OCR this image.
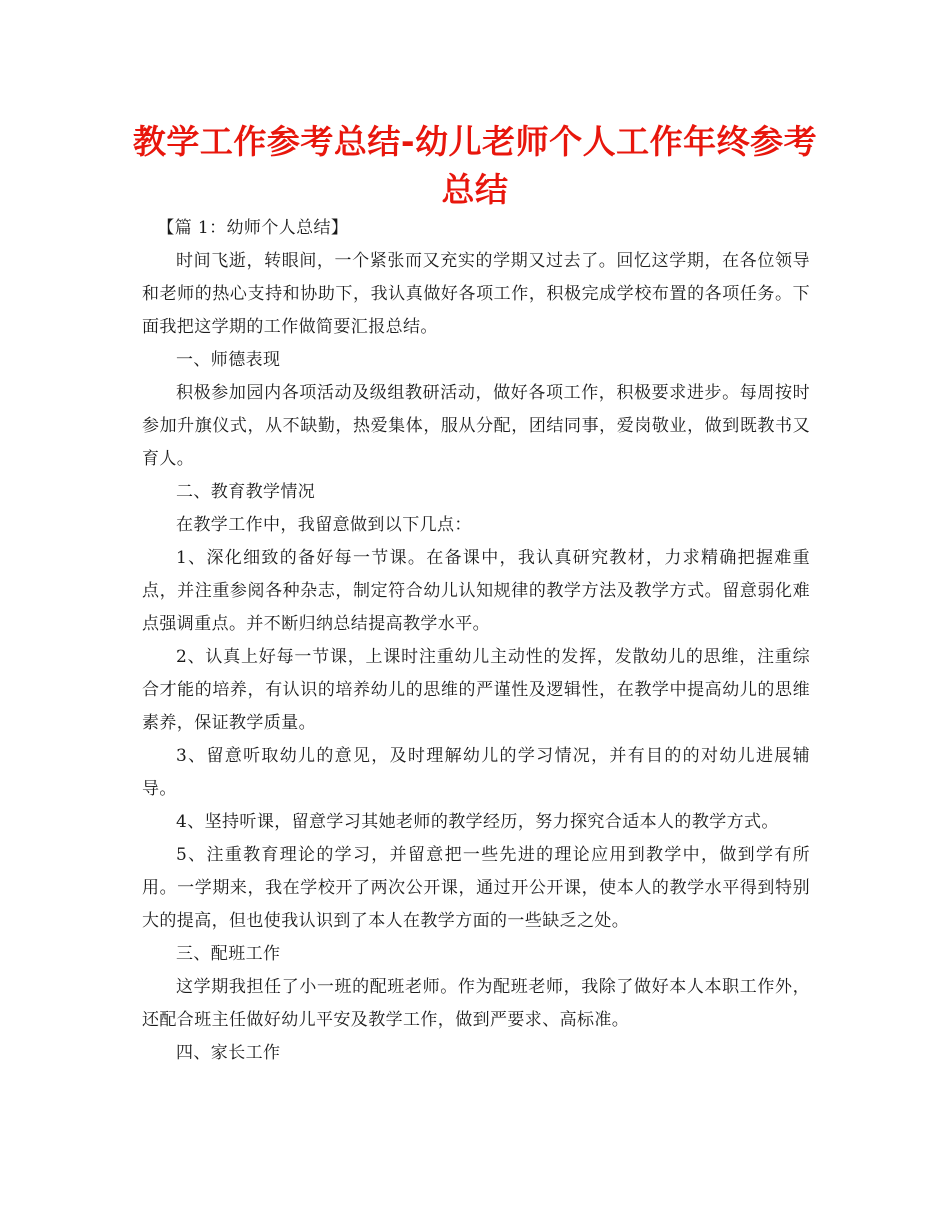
教学工作参考总结-幼儿老师个人工作年终参考总结

【篇 1：幼师个人总结】

时间飞逝，转眼间，一个紧张而又充实的学期又过去了。回忆这学期，在各位领导和老师的热心支持和协助下，我认真做好各项工作，积极完成学校布置的各项任务。下面我把这学期的工作做简要汇报总结。

一、师德表现

积极参加园内各项活动及级组教研活动，做好各项工作，积极要求进步。每周按时参加升旗仪式，从不缺勤，热爱集体，服从分配，团结同事，爱岗敬业，做到既教书又育人。

二、教育教学情况

在教学工作中，我留意做到以下几点：

1、深化细致的备好每一节课。在备课中，我认真研究教材，力求精确把握难重点，并注重参阅各种杂志，制定符合幼儿认知规律的教学方法及教学方式。留意弱化难点强调重点。并不断归纳总结提高教学水平。

2、认真上好每一节课，上课时注重幼儿主动性的发挥，发散幼儿的思维，注重综合才能的培养，有认识的培养幼儿的思维的严谨性及逻辑性，在教学中提高幼儿的思维素养，保证教学质量。

3、留意听取幼儿的意见，及时理解幼儿的学习情况，并有目的的对幼儿进展辅导。

4、坚持听课，留意学习其她老师的教学经历，努力探究合适本人的教学方式。

5、注重教育理论的学习，并留意把一些先进的理论应用到教学中，做到学有所用。一学期来，我在学校开了两次公开课，通过开公开课，使本人的教学水平得到特别大的提高，但也使我认识到了本人在教学方面的一些缺乏之处。

三、配班工作

这学期我担任了小一班的配班老师。作为配班老师，我除了做好本人本职工作外，还配合班主任做好幼儿平安及教学工作，做到严要求、高标准。

四、家长工作
